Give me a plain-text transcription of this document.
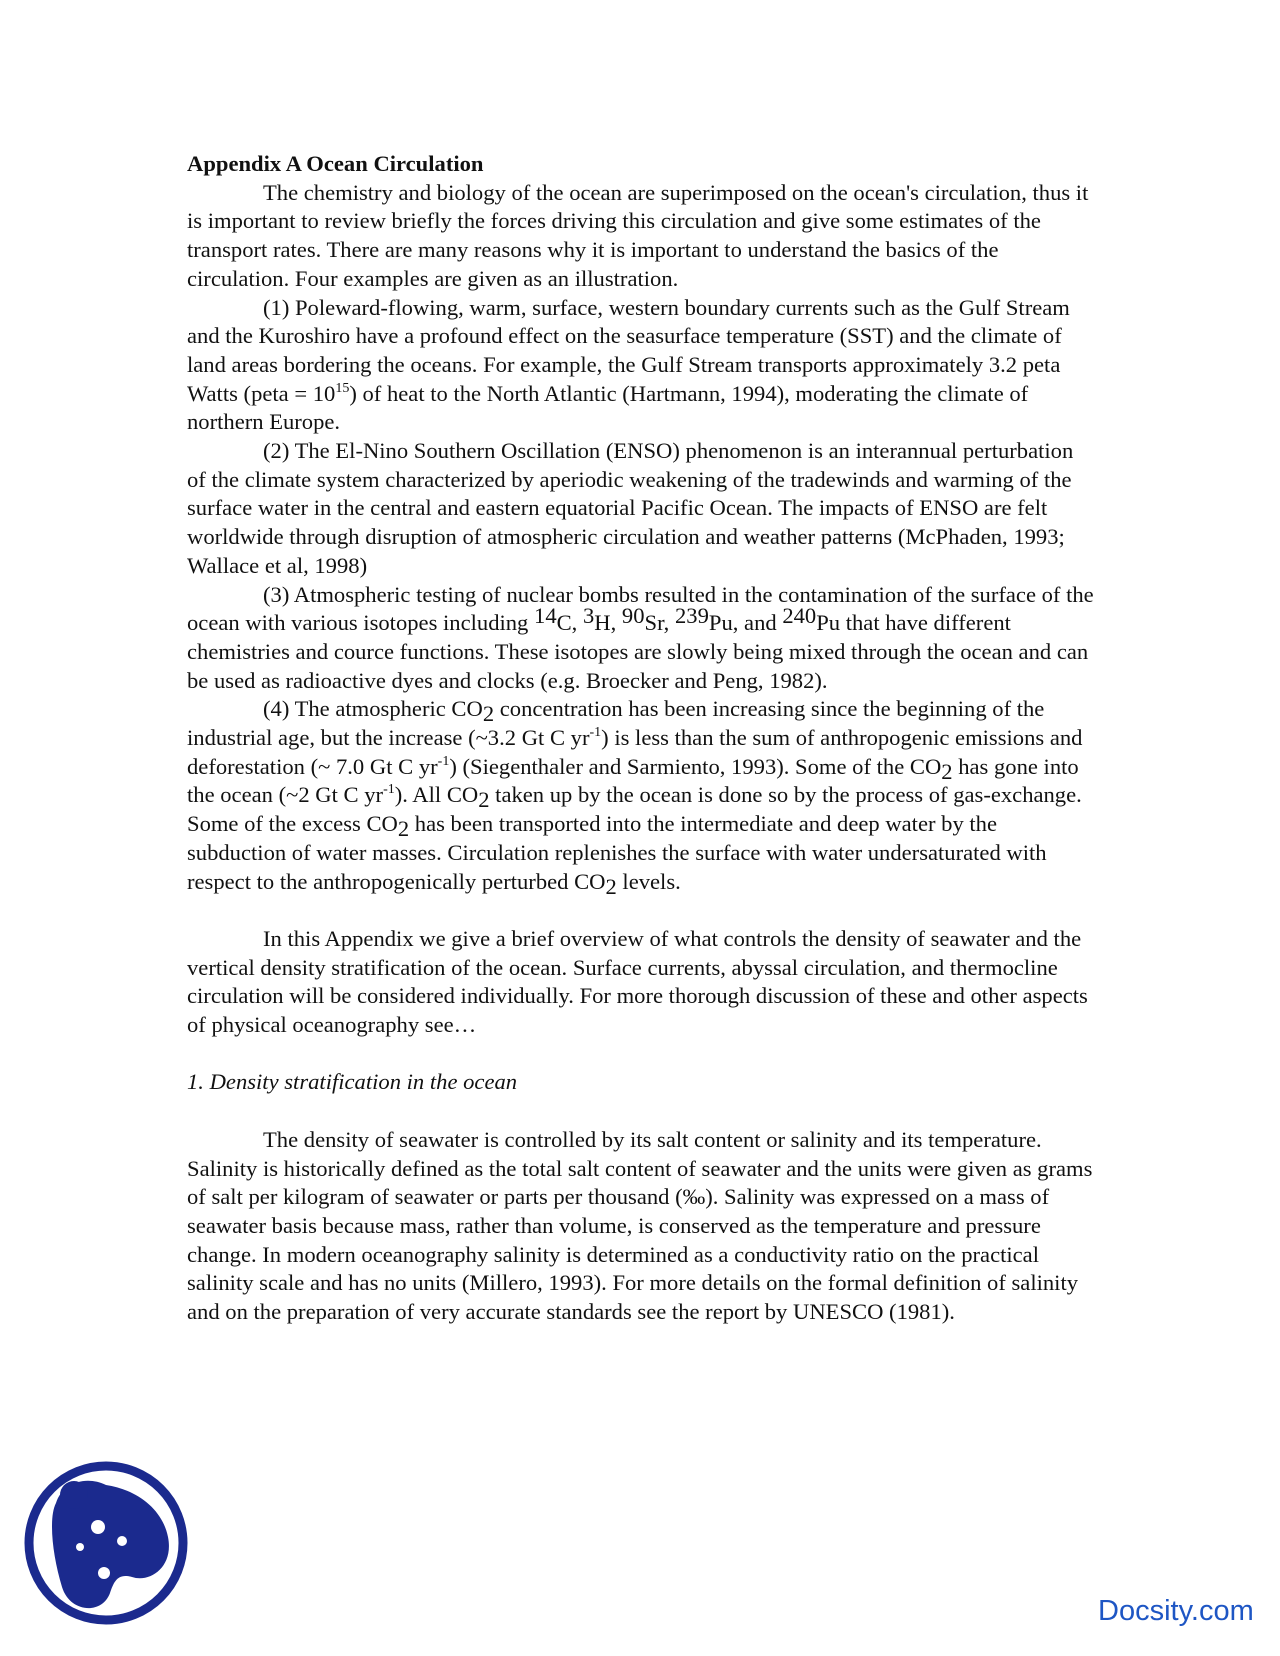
Appendix A Ocean Circulation

The chemistry and biology of the ocean are superimposed on the ocean's circulation, thus it is important to review briefly the forces driving this circulation and give some estimates of the transport rates. There are many reasons why it is important to understand the basics of the circulation. Four examples are given as an illustration.

(1) Poleward-flowing, warm, surface, western boundary currents such as the Gulf Stream and the Kuroshiro have a profound effect on the seasurface temperature (SST) and the climate of land areas bordering the oceans. For example, the Gulf Stream transports approximately 3.2 peta Watts (peta = $10^{15}$) of heat to the North Atlantic (Hartmann, 1994), moderating the climate of northern Europe.

(2) The El-Nino Southern Oscillation (ENSO) phenomenon is an interannual perturbation of the climate system characterized by aperiodic weakening of the tradewinds and warming of the surface water in the central and eastern equatorial Pacific Ocean. The impacts of ENSO are felt worldwide through disruption of atmospheric circulation and weather patterns (McPhaden, 1993; Wallace et al, 1998)

(3) Atmospheric testing of nuclear bombs resulted in the contamination of the surface of the ocean with various isotopes including $^{14}$C, $^3$H, $^{90}$Sr, $^{239}$Pu, and $^{240}$Pu that have different chemistries and cource functions. These isotopes are slowly being mixed through the ocean and can be used as radioactive dyes and clocks (e.g. Broecker and Peng, 1982).

(4) The atmospheric $CO_2$ concentration has been increasing since the beginning of the industrial age, but the increase (~3.2 Gt C $yr^{-1}$) is less than the sum of anthropogenic emissions and deforestation (~ 7.0 Gt C $yr^{-1}$) (Siegenthaler and Sarmiento, 1993). Some of the $CO_2$ has gone into the ocean (~2 Gt C $yr^{-1}$). All $CO_2$ taken up by the ocean is done so by the process of gas-exchange. Some of the excess $CO_2$ has been transported into the intermediate and deep water by the subduction of water masses. Circulation replenishes the surface with water undersaturated with respect to the anthropogenically perturbed $CO_2$ levels.

In this Appendix we give a brief overview of what controls the density of seawater and the vertical density stratification of the ocean. Surface currents, abyssal circulation, and thermocline circulation will be considered individually. For more thorough discussion of these and other aspects of physical oceanography see…

1. Density stratification in the ocean

The density of seawater is controlled by its salt content or salinity and its temperature. Salinity is historically defined as the total salt content of seawater and the units were given as grams of salt per kilogram of seawater or parts per thousand (‰). Salinity was expressed on a mass of seawater basis because mass, rather than volume, is conserved as the temperature and pressure change. In modern oceanography salinity is determined as a conductivity ratio on the practical salinity scale and has no units (Millero, 1993). For more details on the formal definition of salinity and on the preparation of very accurate standards see the report by UNESCO (1981).

Docsity.com
